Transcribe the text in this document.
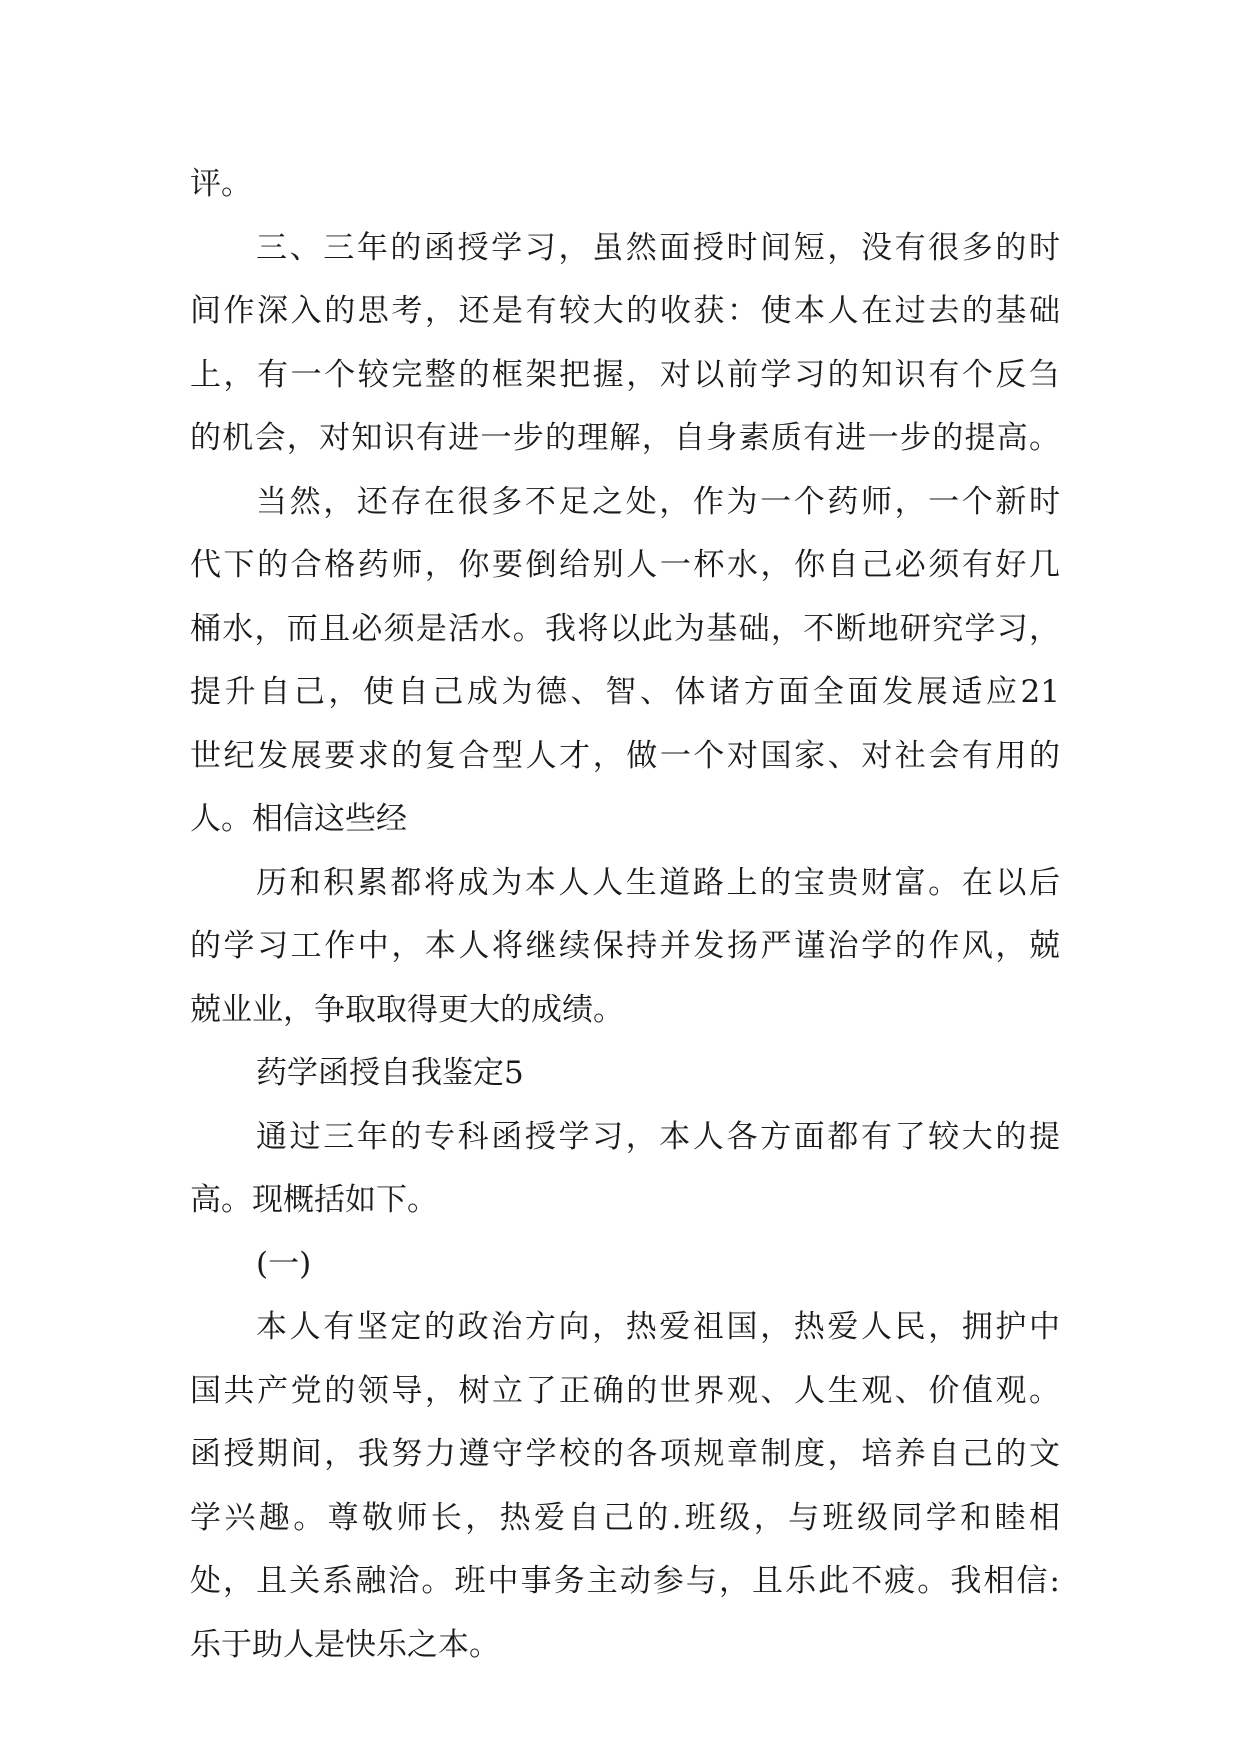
评。
三、三年的函授学习，虽然面授时间短，没有很多的时
间作深入的思考，还是有较大的收获：使本人在过去的基础
上，有一个较完整的框架把握，对以前学习的知识有个反刍
的机会，对知识有进一步的理解，自身素质有进一步的提高。
当然，还存在很多不足之处，作为一个药师，一个新时
代下的合格药师，你要倒给别人一杯水，你自己必须有好几
桶水，而且必须是活水。我将以此为基础，不断地研究学习，
提升自己，使自己成为德、智、体诸方面全面发展适应21
世纪发展要求的复合型人才，做一个对国家、对社会有用的
人。相信这些经
历和积累都将成为本人人生道路上的宝贵财富。在以后
的学习工作中，本人将继续保持并发扬严谨治学的作风，兢
兢业业，争取取得更大的成绩。
药学函授自我鉴定5
通过三年的专科函授学习，本人各方面都有了较大的提
高。现概括如下。
(一)
本人有坚定的政治方向，热爱祖国，热爱人民，拥护中
国共产党的领导，树立了正确的世界观、人生观、价值观。
函授期间，我努力遵守学校的各项规章制度，培养自己的文
学兴趣。尊敬师长，热爱自己的.班级，与班级同学和睦相
处，且关系融洽。班中事务主动参与，且乐此不疲。我相信:
乐于助人是快乐之本。
